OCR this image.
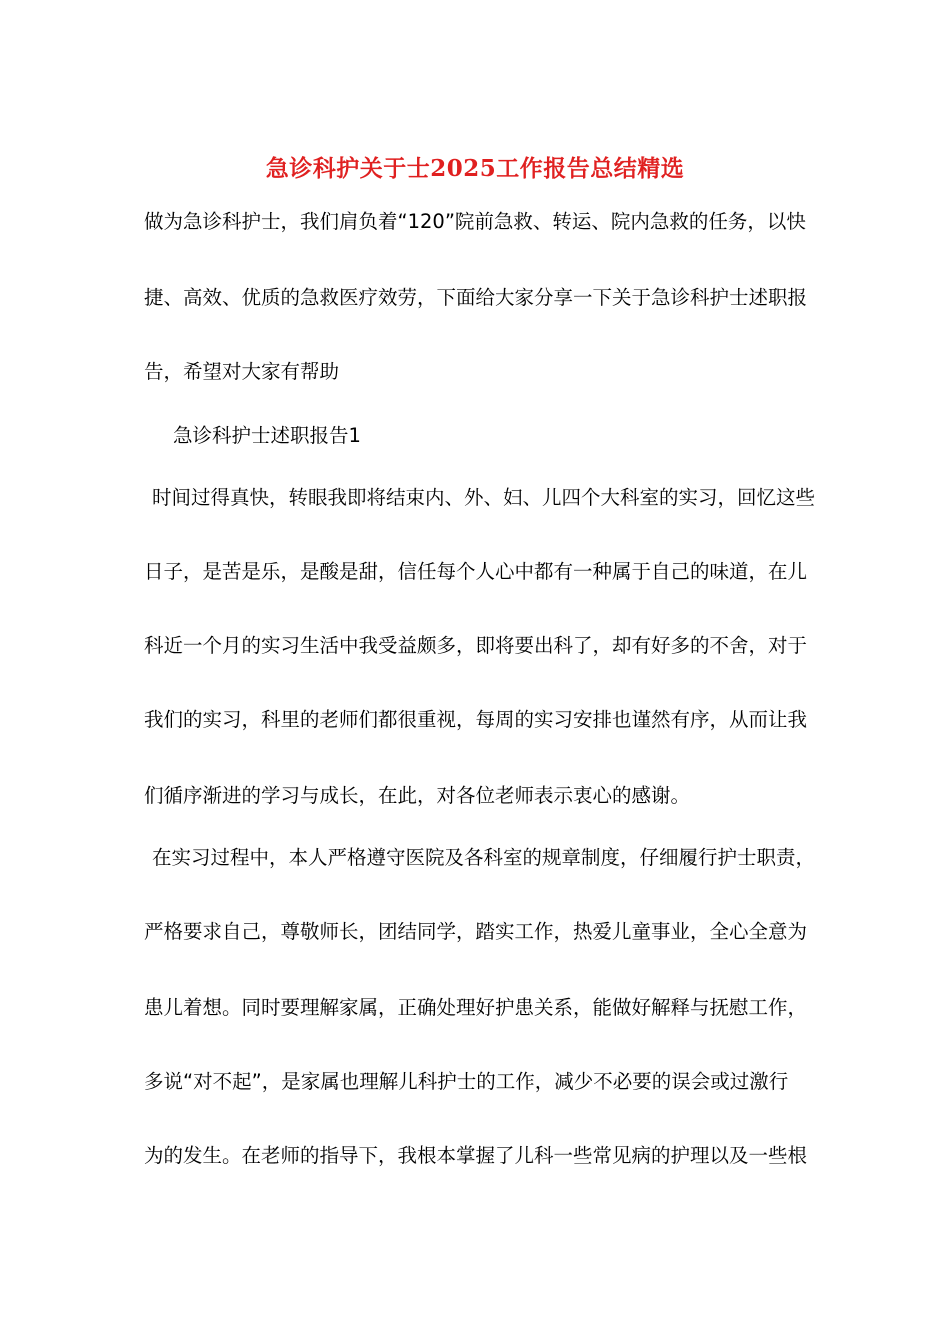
急诊科护关于士2025工作报告总结精选
做为急诊科护士，我们肩负着“120”院前急救、转运、院内急救的任务，以快
捷、高效、优质的急救医疗效劳，下面给大家分享一下关于急诊科护士述职报
告，希望对大家有帮助
急诊科护士述职报告1
时间过得真快，转眼我即将结束内、外、妇、儿四个大科室的实习，回忆这些
日子，是苦是乐，是酸是甜，信任每个人心中都有一种属于自己的味道，在儿
科近一个月的实习生活中我受益颇多，即将要出科了，却有好多的不舍，对于
我们的实习，科里的老师们都很重视，每周的实习安排也谨然有序，从而让我
们循序渐进的学习与成长，在此，对各位老师表示衷心的感谢。
在实习过程中，本人严格遵守医院及各科室的规章制度，仔细履行护士职责，
严格要求自己，尊敬师长，团结同学，踏实工作，热爱儿童事业，全心全意为
患儿着想。同时要理解家属，正确处理好护患关系，能做好解释与抚慰工作，
多说“对不起”，是家属也理解儿科护士的工作，减少不必要的误会或过激行
为的发生。在老师的指导下，我根本掌握了儿科一些常见病的护理以及一些根
